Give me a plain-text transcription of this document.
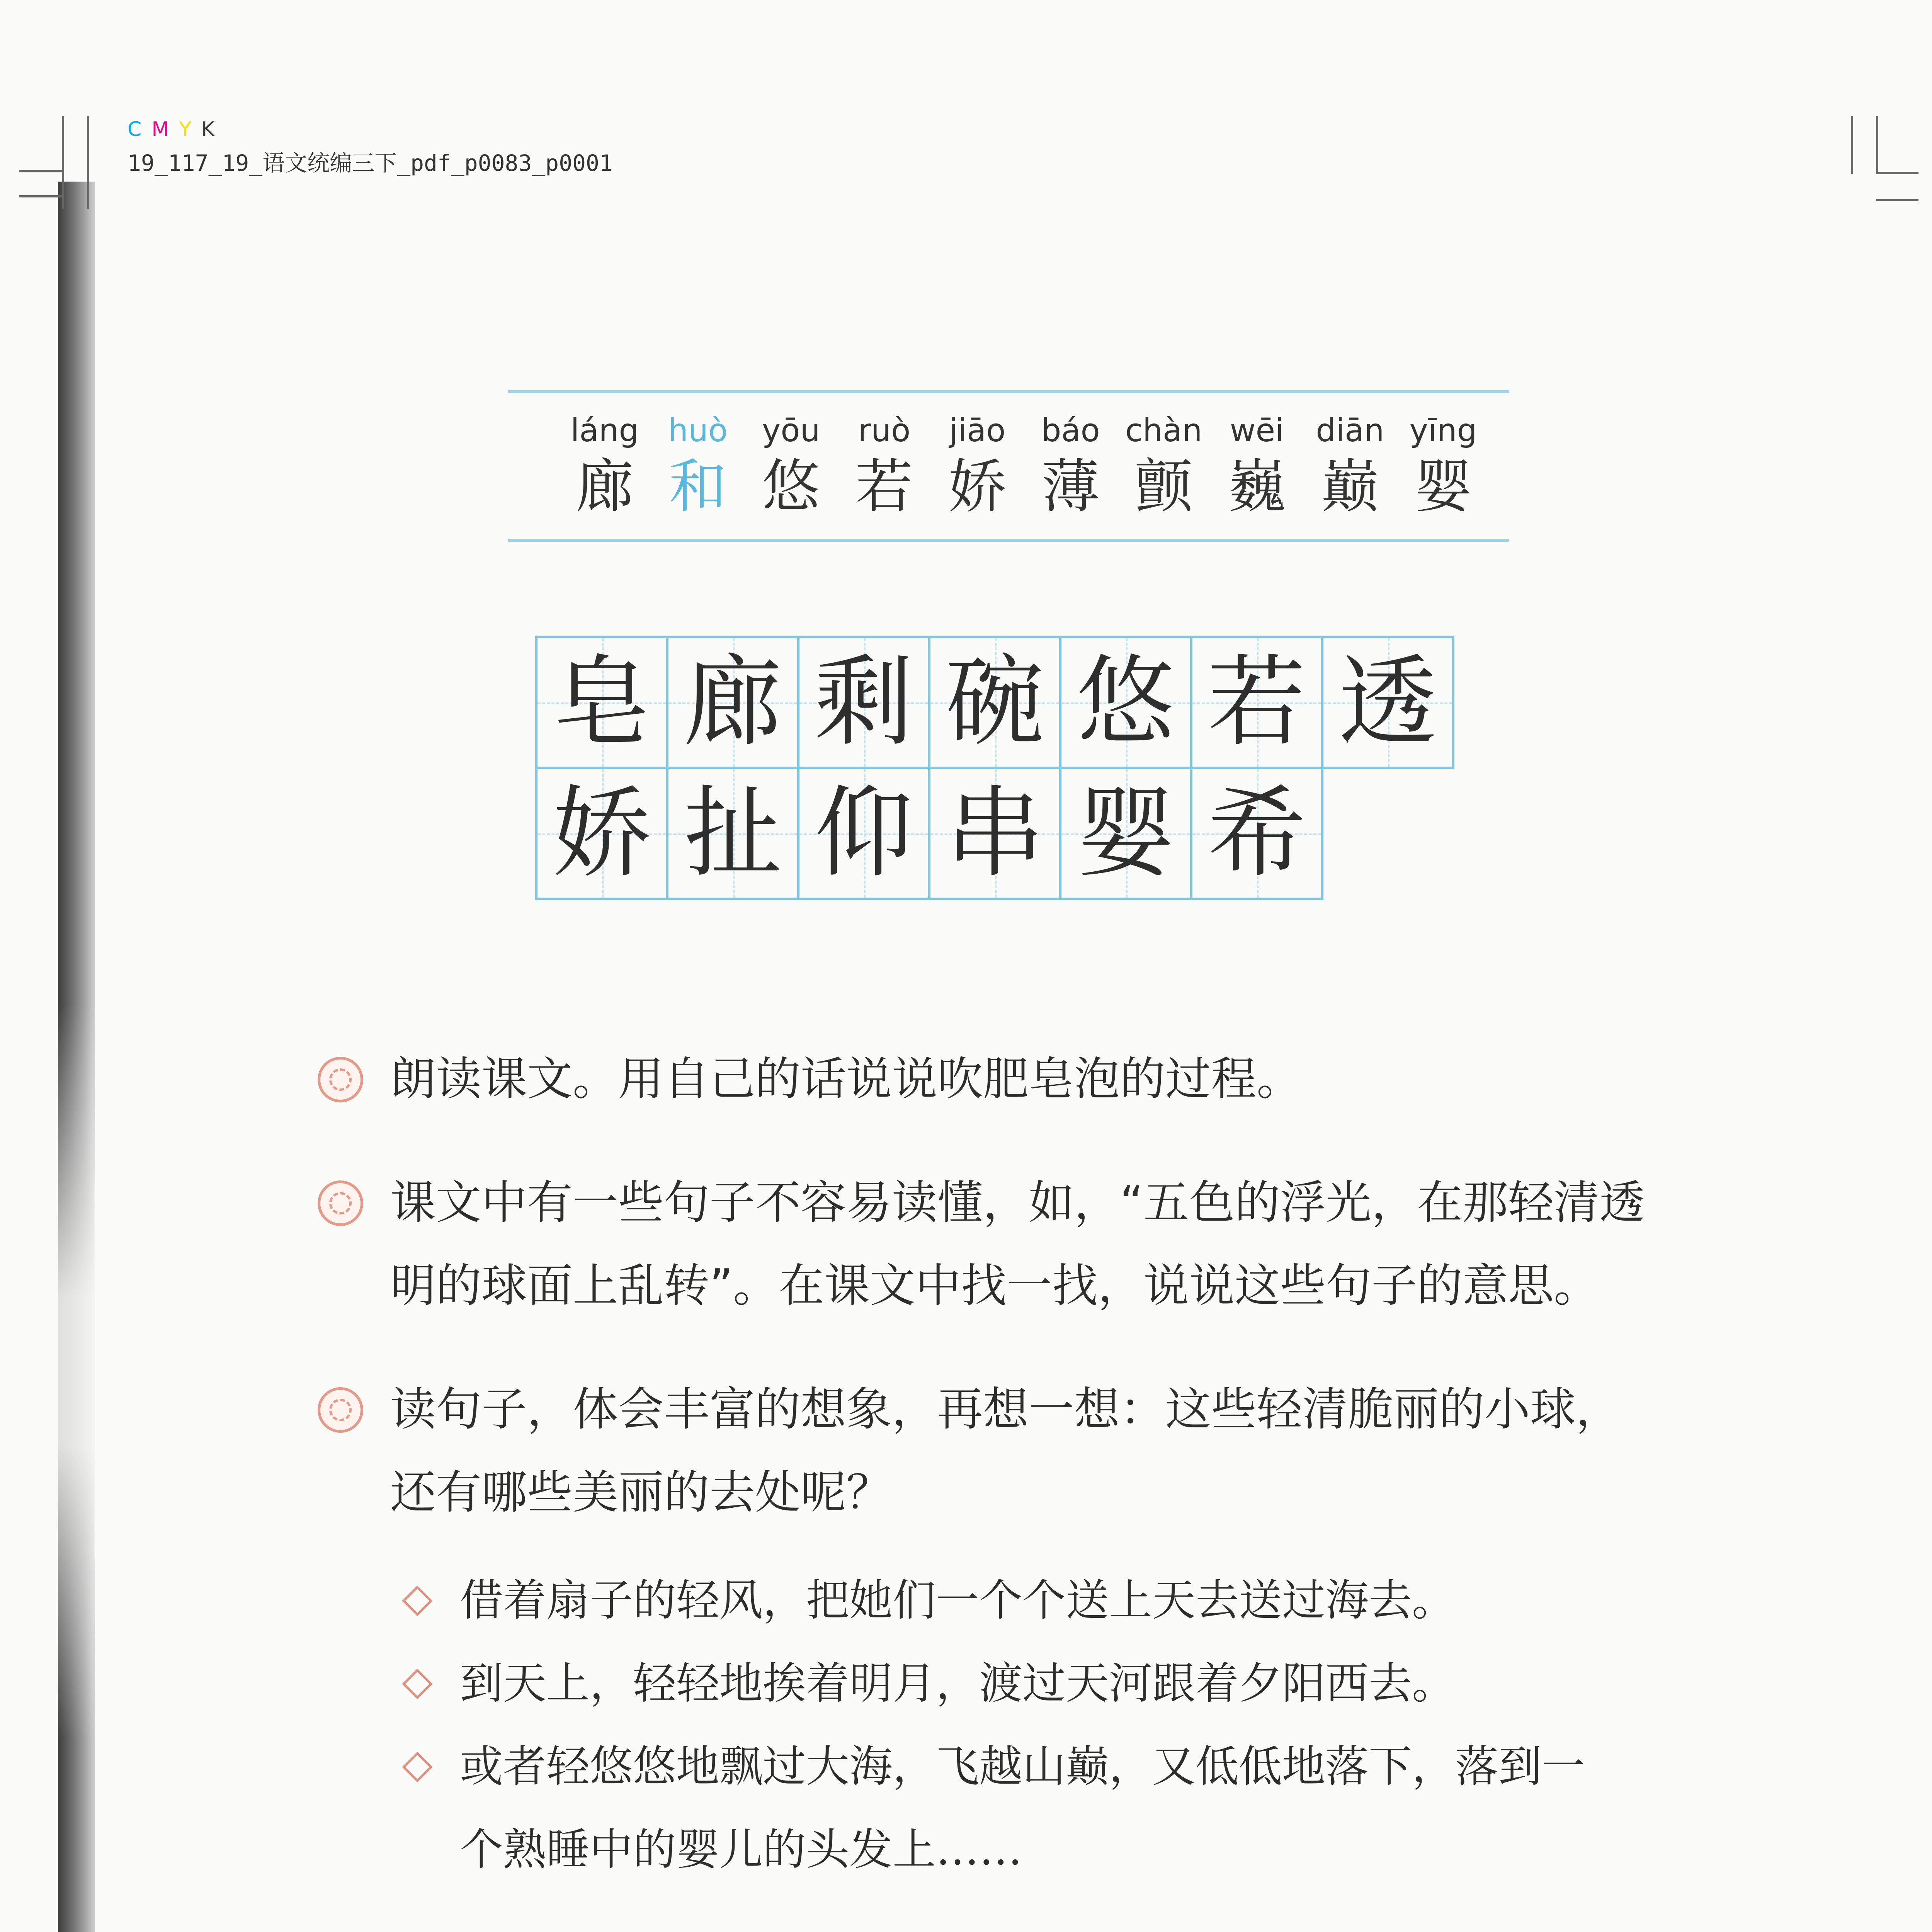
CMYK
19_117_19_语文统编三下_pdf_p0083_p0001
láng
廊
huò
和
yōu
悠
ruò
若
jiāo
娇
báo
薄
chàn
颤
wēi
巍
diān
巅
yīng
婴
皂 廊 剩 碗 悠 若 透
娇 扯 仰 串 婴 希
朗读课文。用自己的话说说吹肥皂泡的过程。
课文中有一些句子不容易读懂，如，“五色的浮光，在那轻清透
明的球面上乱转”。在课文中找一找，说说这些句子的意思。
读句子，体会丰富的想象，再想一想：这些轻清脆丽的小球，
还有哪些美丽的去处呢？
借着扇子的轻风，把她们一个个送上天去送过海去。
到天上，轻轻地挨着明月，渡过天河跟着夕阳西去。
或者轻悠悠地飘过大海，飞越山巅，又低低地落下，落到一
个熟睡中的婴儿的头发上……
